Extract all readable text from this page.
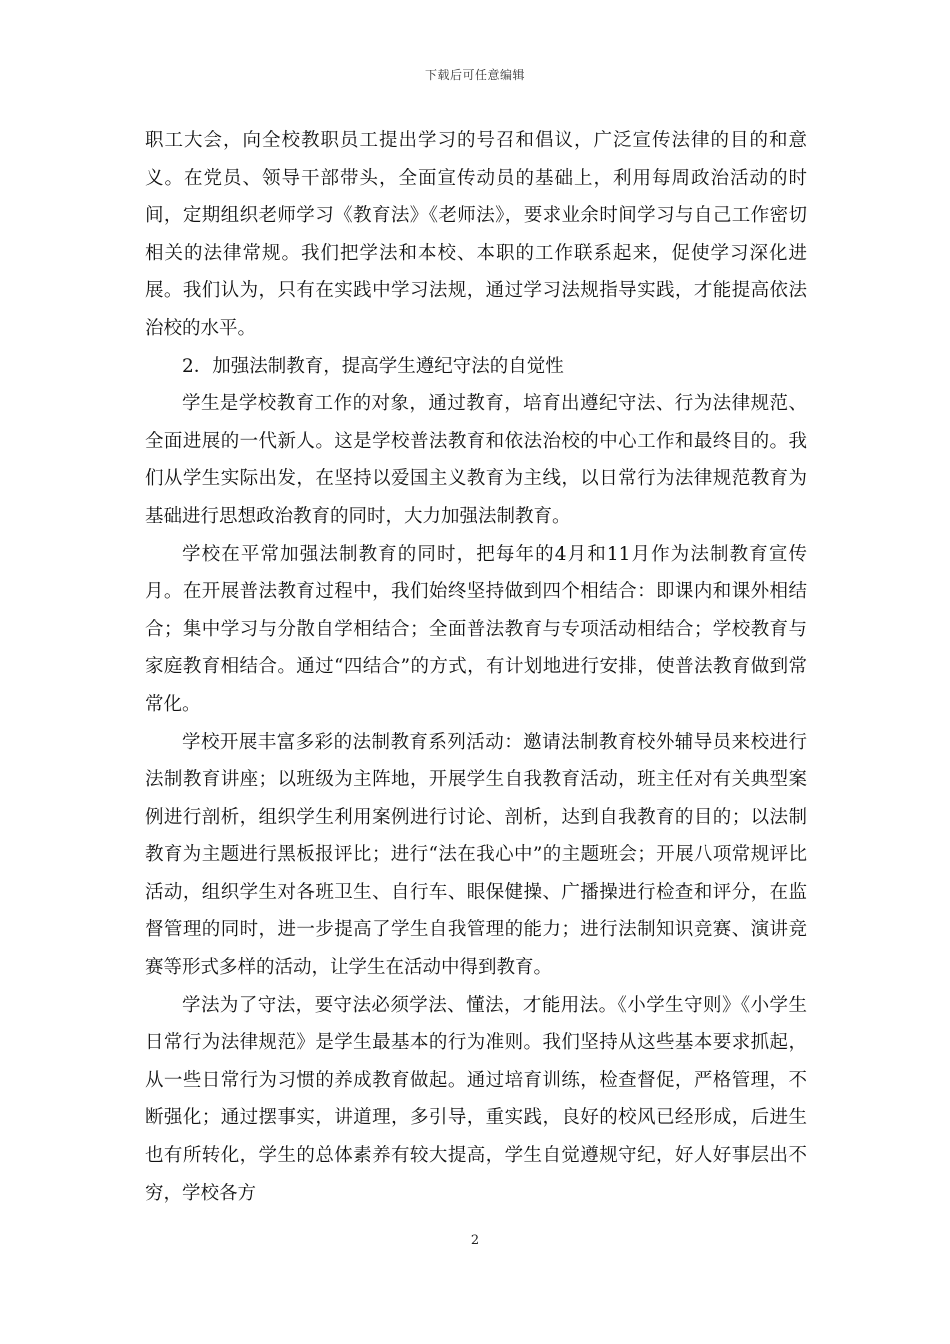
下载后可任意编辑

职工大会，向全校教职员工提出学习的号召和倡议，广泛宣传法律的目的和意义。在党员、领导干部带头，全面宣传动员的基础上，利用每周政治活动的时间，定期组织老师学习《教育法》《老师法》，要求业余时间学习与自己工作密切相关的法律常规。我们把学法和本校、本职的工作联系起来，促使学习深化进展。我们认为，只有在实践中学习法规，通过学习法规指导实践，才能提高依法治校的水平。

2．加强法制教育，提高学生遵纪守法的自觉性

学生是学校教育工作的对象，通过教育，培育出遵纪守法、行为法律规范、全面进展的一代新人。这是学校普法教育和依法治校的中心工作和最终目的。我们从学生实际出发，在坚持以爱国主义教育为主线，以日常行为法律规范教育为基础进行思想政治教育的同时，大力加强法制教育。

学校在平常加强法制教育的同时，把每年的4月和11月作为法制教育宣传月。在开展普法教育过程中，我们始终坚持做到四个相结合：即课内和课外相结合；集中学习与分散自学相结合；全面普法教育与专项活动相结合；学校教育与家庭教育相结合。通过“四结合”的方式，有计划地进行安排，使普法教育做到常常化。

学校开展丰富多彩的法制教育系列活动：邀请法制教育校外辅导员来校进行法制教育讲座；以班级为主阵地，开展学生自我教育活动，班主任对有关典型案例进行剖析，组织学生利用案例进行讨论、剖析，达到自我教育的目的；以法制教育为主题进行黑板报评比；进行“法在我心中”的主题班会；开展八项常规评比活动，组织学生对各班卫生、自行车、眼保健操、广播操进行检查和评分，在监督管理的同时，进一步提高了学生自我管理的能力；进行法制知识竞赛、演讲竞赛等形式多样的活动，让学生在活动中得到教育。

学法为了守法，要守法必须学法、懂法，才能用法。《小学生守则》《小学生日常行为法律规范》是学生最基本的行为准则。我们坚持从这些基本要求抓起，从一些日常行为习惯的养成教育做起。通过培育训练，检查督促，严格管理，不断强化；通过摆事实，讲道理，多引导，重实践，良好的校风已经形成，后进生也有所转化，学生的总体素养有较大提高，学生自觉遵规守纪，好人好事层出不穷，学校各方

2
